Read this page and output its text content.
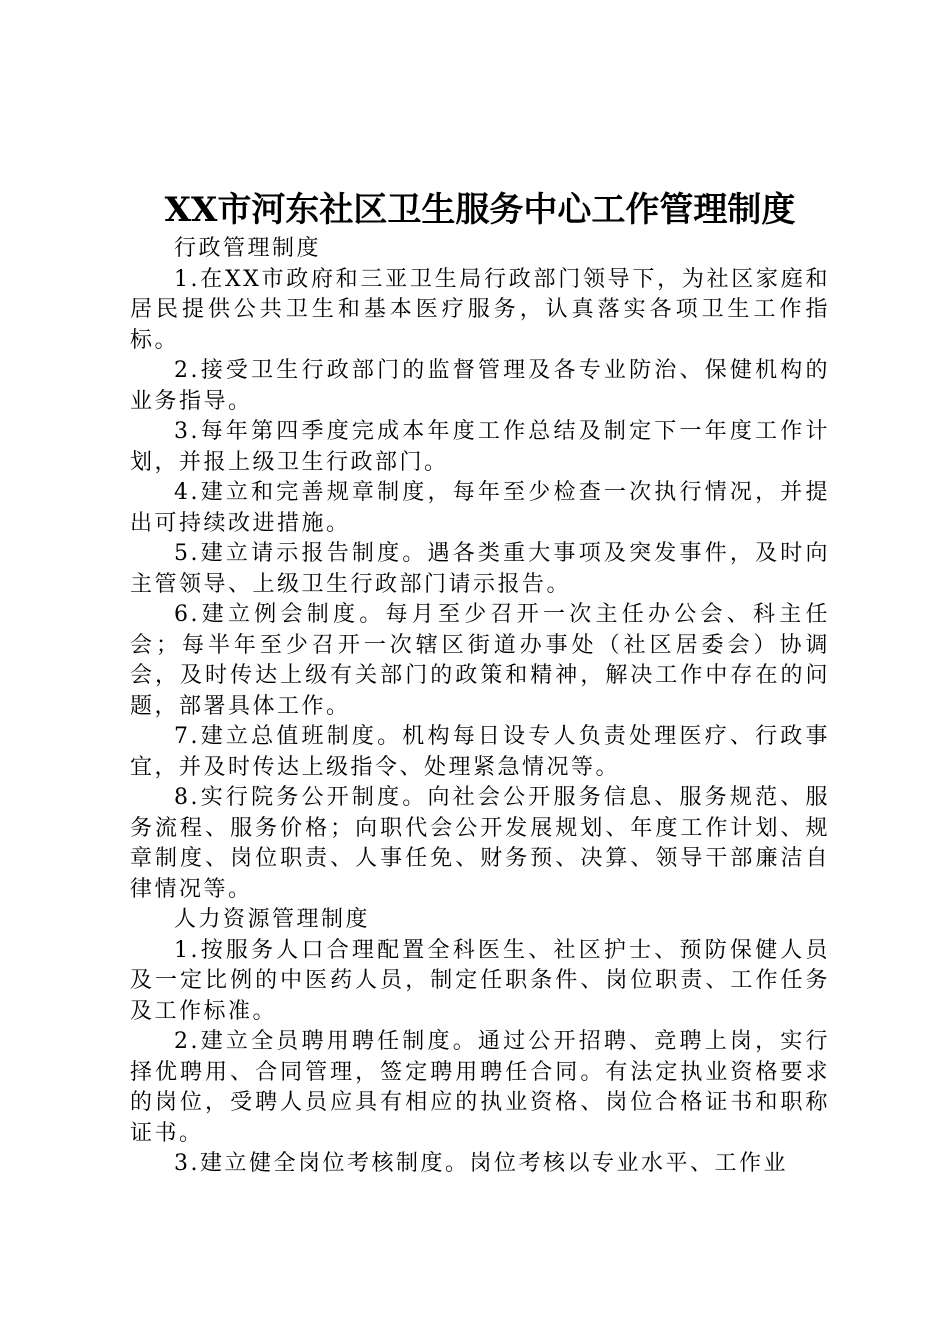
XX市河东社区卫生服务中心工作管理制度

行政管理制度

1.在XX市政府和三亚卫生局行政部门领导下，为社区家庭和居民提供公共卫生和基本医疗服务，认真落实各项卫生工作指标。

2.接受卫生行政部门的监督管理及各专业防治、保健机构的业务指导。

3.每年第四季度完成本年度工作总结及制定下一年度工作计划，并报上级卫生行政部门。

4.建立和完善规章制度，每年至少检查一次执行情况，并提出可持续改进措施。

5.建立请示报告制度。遇各类重大事项及突发事件，及时向主管领导、上级卫生行政部门请示报告。

6.建立例会制度。每月至少召开一次主任办公会、科主任会；每半年至少召开一次辖区街道办事处（社区居委会）协调会，及时传达上级有关部门的政策和精神，解决工作中存在的问题，部署具体工作。

7.建立总值班制度。机构每日设专人负责处理医疗、行政事宜，并及时传达上级指令、处理紧急情况等。

8.实行院务公开制度。向社会公开服务信息、服务规范、服务流程、服务价格；向职代会公开发展规划、年度工作计划、规章制度、岗位职责、人事任免、财务预、决算、领导干部廉洁自律情况等。

人力资源管理制度

1.按服务人口合理配置全科医生、社区护士、预防保健人员及一定比例的中医药人员，制定任职条件、岗位职责、工作任务及工作标准。

2.建立全员聘用聘任制度。通过公开招聘、竞聘上岗，实行择优聘用、合同管理，签定聘用聘任合同。有法定执业资格要求的岗位，受聘人员应具有相应的执业资格、岗位合格证书和职称证书。

3.建立健全岗位考核制度。岗位考核以专业水平、工作业
